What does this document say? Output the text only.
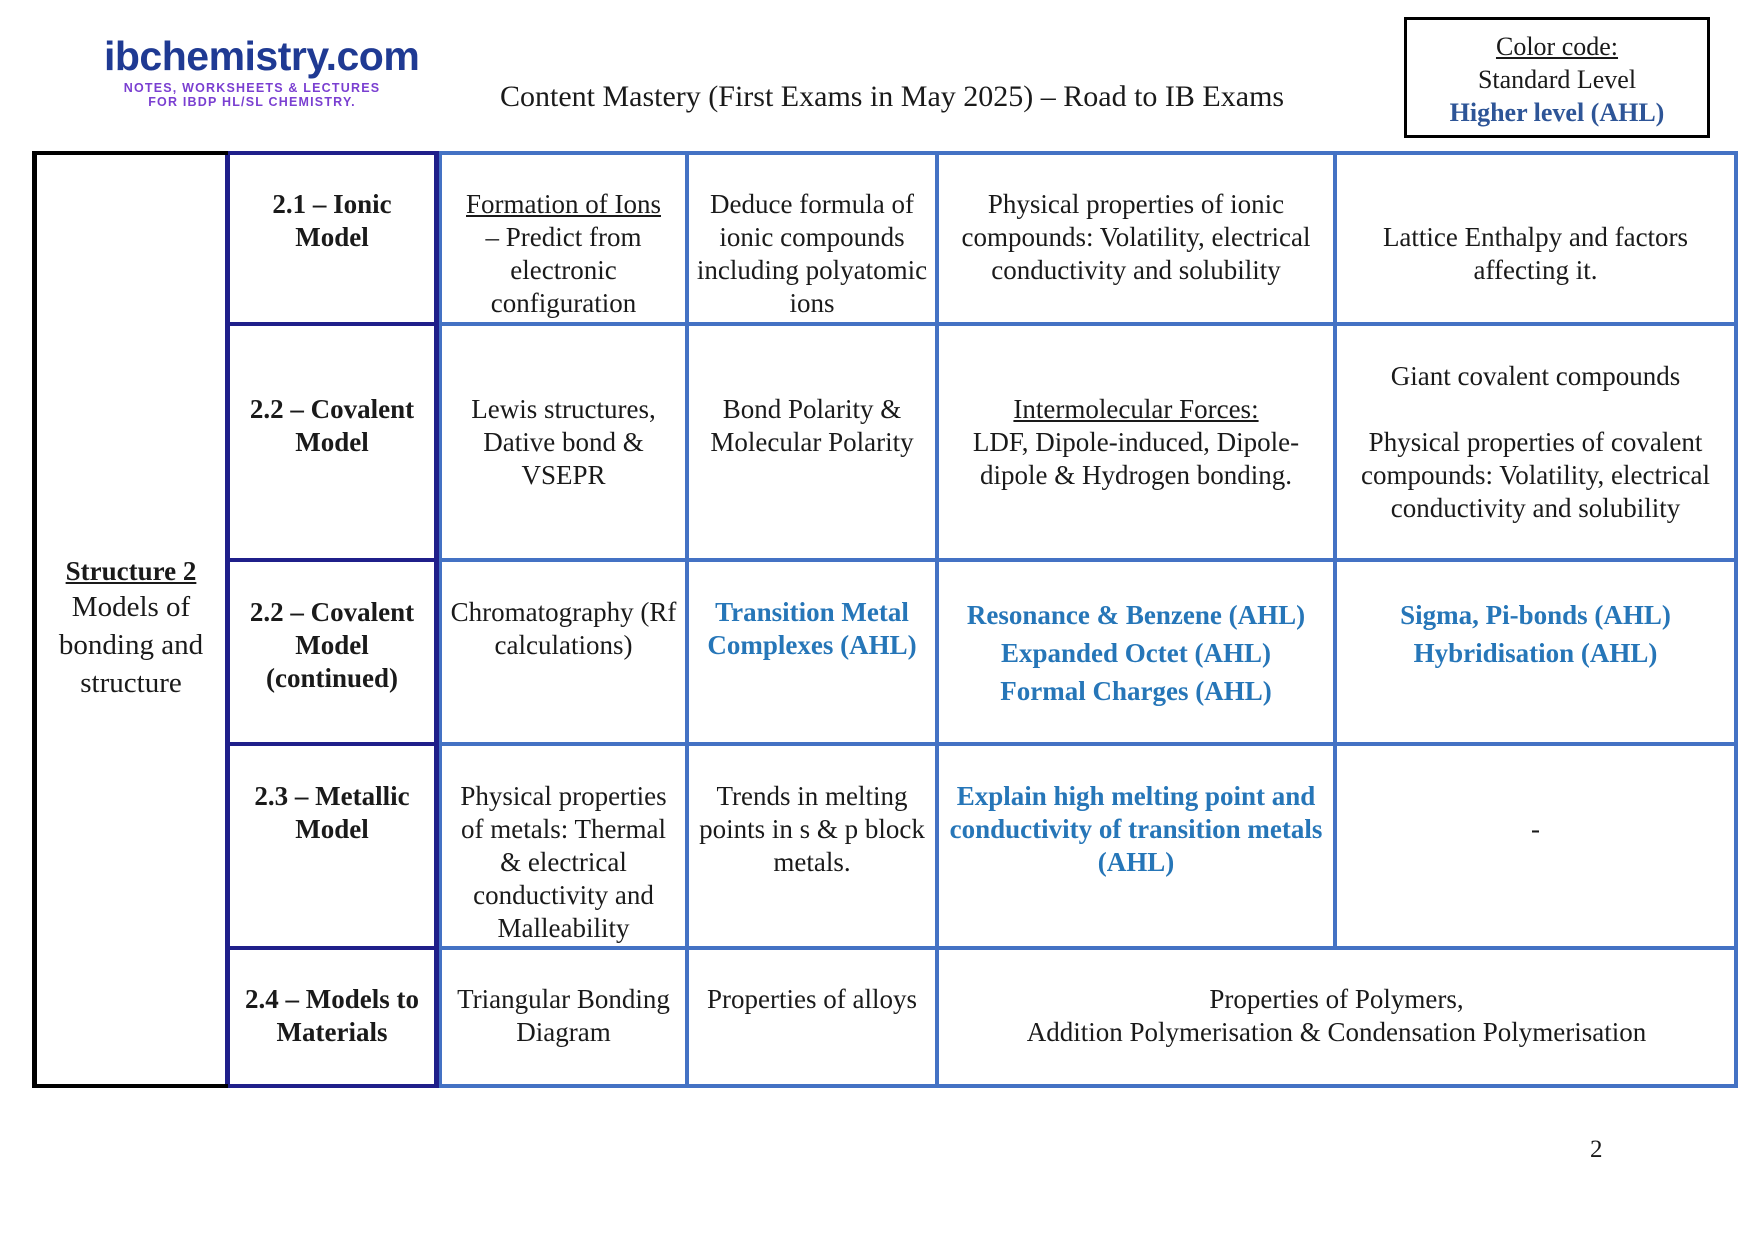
ibchemistry.com
NOTES, WORKSHEETS & LECTURES
FOR IBDP HL/SL CHEMISTRY.	Content Mastery (First Exams in May 2025) – Road to IB Exams
Color code:
Standard Level
Higher level (AHL)
Structure 2
Models of bonding and structure
2.1 – Ionic Model
Formation of Ions
– Predict from electronic configuration
Deduce formula of ionic compounds including polyatomic ions
Physical properties of ionic compounds: Volatility, electrical conductivity and solubility
Lattice Enthalpy and factors affecting it.
2.2 – Covalent Model
Lewis structures, Dative bond & VSEPR
Bond Polarity & Molecular Polarity
Intermolecular Forces:
LDF, Dipole-induced, Dipole-dipole & Hydrogen bonding.
Giant covalent compounds
Physical properties of covalent compounds: Volatility, electrical conductivity and solubility
2.2 – Covalent Model (continued)
Chromatography (Rf calculations)
Transition Metal Complexes (AHL)
Resonance & Benzene (AHL)
Expanded Octet (AHL)
Formal Charges (AHL)
Sigma, Pi-bonds (AHL)
Hybridisation (AHL)
2.3 – Metallic Model
Physical properties of metals: Thermal & electrical conductivity and Malleability
Trends in melting points in s & p block metals.
Explain high melting point and conductivity of transition metals (AHL)
-
2.4 – Models to Materials
Triangular Bonding Diagram
Properties of alloys	Properties of Polymers,
Addition Polymerisation & Condensation Polymerisation
2
